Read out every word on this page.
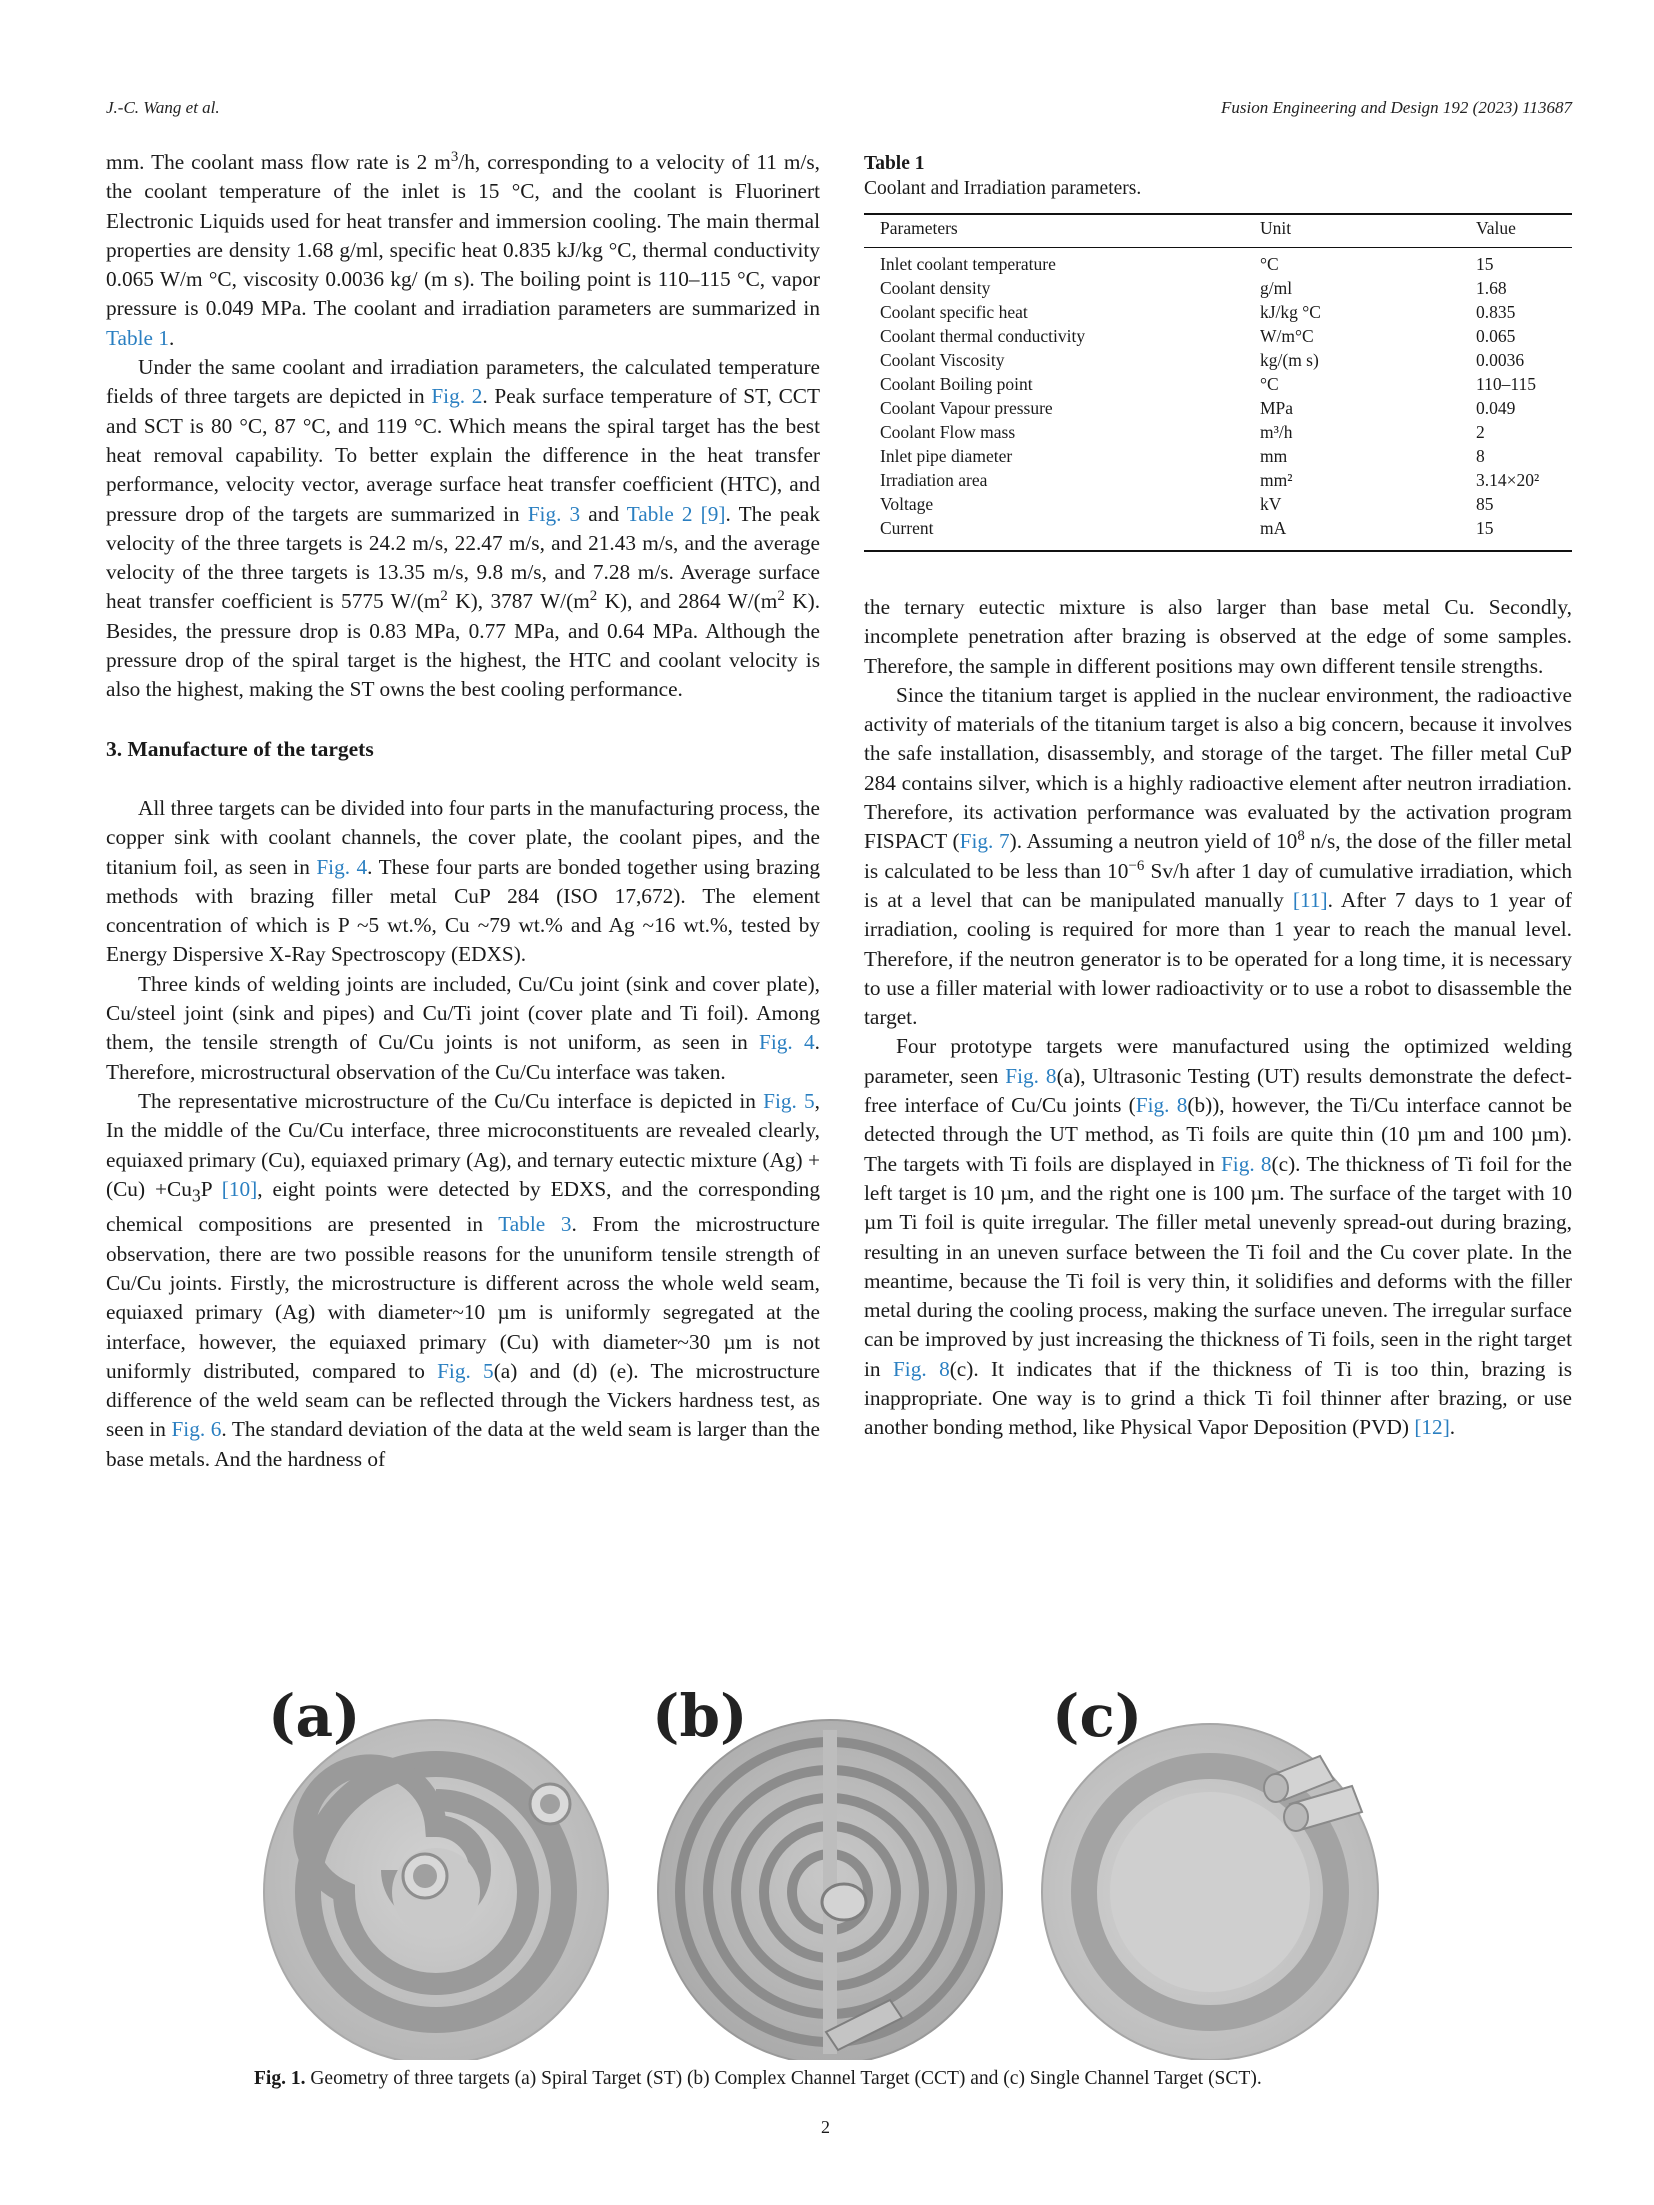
J.-C. Wang et al.	Fusion Engineering and Design 192 (2023) 113687

mm. The coolant mass flow rate is 2 $m^3/h$, corresponding to a velocity of 11 m/s, the coolant temperature of the inlet is 15 °C, and the coolant is Fluorinert Electronic Liquids used for heat transfer and immersion cooling. The main thermal properties are density 1.68 g/ml, specific heat 0.835 kJ/kg °C, thermal conductivity 0.065 W/m °C, viscosity 0.0036 kg/ (m s). The boiling point is 110–115 °C, vapor pressure is 0.049 MPa. The coolant and irradiation parameters are summarized in Table 1.

Under the same coolant and irradiation parameters, the calculated temperature fields of three targets are depicted in Fig. 2. Peak surface temperature of ST, CCT and SCT is 80 °C, 87 °C, and 119 °C. Which means the spiral target has the best heat removal capability. To better explain the difference in the heat transfer performance, velocity vector, average surface heat transfer coefficient (HTC), and pressure drop of the targets are summarized in Fig. 3 and Table 2 [9]. The peak velocity of the three targets is 24.2 m/s, 22.47 m/s, and 21.43 m/s, and the average velocity of the three targets is 13.35 m/s, 9.8 m/s, and 7.28 m/s. Average surface heat transfer coefficient is 5775 $W/(m^2$ K), 3787 $W/(m^2$ K), and 2864 $W/(m^2$ K). Besides, the pressure drop is 0.83 MPa, 0.77 MPa, and 0.64 MPa. Although the pressure drop of the spiral target is the highest, the HTC and coolant velocity is also the highest, making the ST owns the best cooling performance.

3. Manufacture of the targets

All three targets can be divided into four parts in the manufacturing process, the copper sink with coolant channels, the cover plate, the coolant pipes, and the titanium foil, as seen in Fig. 4. These four parts are bonded together using brazing methods with brazing filler metal CuP 284 (ISO 17,672). The element concentration of which is P ~5 wt.%, Cu ~79 wt.% and Ag ~16 wt.%, tested by Energy Dispersive X-Ray Spectroscopy (EDXS).

Three kinds of welding joints are included, Cu/Cu joint (sink and cover plate), Cu/steel joint (sink and pipes) and Cu/Ti joint (cover plate and Ti foil). Among them, the tensile strength of Cu/Cu joints is not uniform, as seen in Fig. 4. Therefore, microstructural observation of the Cu/Cu interface was taken.

The representative microstructure of the Cu/Cu interface is depicted in Fig. 5, In the middle of the Cu/Cu interface, three microconstituents are revealed clearly, equiaxed primary (Cu), equiaxed primary (Ag), and ternary eutectic mixture $(Ag) + (Cu) +Cu_3P$ [10], eight points were detected by EDXS, and the corresponding chemical compositions are presented in Table 3. From the microstructure observation, there are two possible reasons for the ununiform tensile strength of Cu/Cu joints. Firstly, the microstructure is different across the whole weld seam, equiaxed primary (Ag) with diameter~10 µm is uniformly segregated at the interface, however, the equiaxed primary (Cu) with diameter~30 µm is not uniformly distributed, compared to Fig. 5(a) and (d) (e). The microstructure difference of the weld seam can be reflected through the Vickers hardness test, as seen in Fig. 6. The standard deviation of the data at the weld seam is larger than the base metals. And the hardness of

Table 1
Coolant and Irradiation parameters.
Parameters	Unit	Value
Inlet coolant temperature	°C	15
Coolant density	g/ml	1.68
Coolant specific heat	kJ/kg °C	0.835
Coolant thermal conductivity	W/m°C	0.065
Coolant Viscosity	kg/(m s)	0.0036
Coolant Boiling point	°C	110–115
Coolant Vapour pressure	MPa	0.049
Coolant Flow mass	m³/h	2
Inlet pipe diameter	mm	8
Irradiation area	mm²	3.14×20²
Voltage	kV	85
Current	mA	15

the ternary eutectic mixture is also larger than base metal Cu. Secondly, incomplete penetration after brazing is observed at the edge of some samples. Therefore, the sample in different positions may own different tensile strengths.

Since the titanium target is applied in the nuclear environment, the radioactive activity of materials of the titanium target is also a big concern, because it involves the safe installation, disassembly, and storage of the target. The filler metal CuP 284 contains silver, which is a highly radioactive element after neutron irradiation. Therefore, its activation performance was evaluated by the activation program FISPACT (Fig. 7). Assuming a neutron yield of $10^8$ n/s, the dose of the filler metal is calculated to be less than $10^{-6}$ Sv/h after 1 day of cumulative irradiation, which is at a level that can be manipulated manually [11]. After 7 days to 1 year of irradiation, cooling is required for more than 1 year to reach the manual level. Therefore, if the neutron generator is to be operated for a long time, it is necessary to use a filler material with lower radioactivity or to use a robot to disassemble the target.

Four prototype targets were manufactured using the optimized welding parameter, seen Fig. 8(a), Ultrasonic Testing (UT) results demonstrate the defect-free interface of Cu/Cu joints (Fig. 8(b)), however, the Ti/Cu interface cannot be detected through the UT method, as Ti foils are quite thin (10 µm and 100 µm). The targets with Ti foils are displayed in Fig. 8(c). The thickness of Ti foil for the left target is 10 µm, and the right one is 100 µm. The surface of the target with 10 µm Ti foil is quite irregular. The filler metal unevenly spread-out during brazing, resulting in an uneven surface between the Ti foil and the Cu cover plate. In the meantime, because the Ti foil is very thin, it solidifies and deforms with the filler metal during the cooling process, making the surface uneven. The irregular surface can be improved by just increasing the thickness of Ti foils, seen in the right target in Fig. 8(c). It indicates that if the thickness of Ti is too thin, brazing is inappropriate. One way is to grind a thick Ti foil thinner after brazing, or use another bonding method, like Physical Vapor Deposition (PVD) [12].

(a)	(b)	(c)
Fig. 1. Geometry of three targets (a) Spiral Target (ST) (b) Complex Channel Target (CCT) and (c) Single Channel Target (SCT).
2
